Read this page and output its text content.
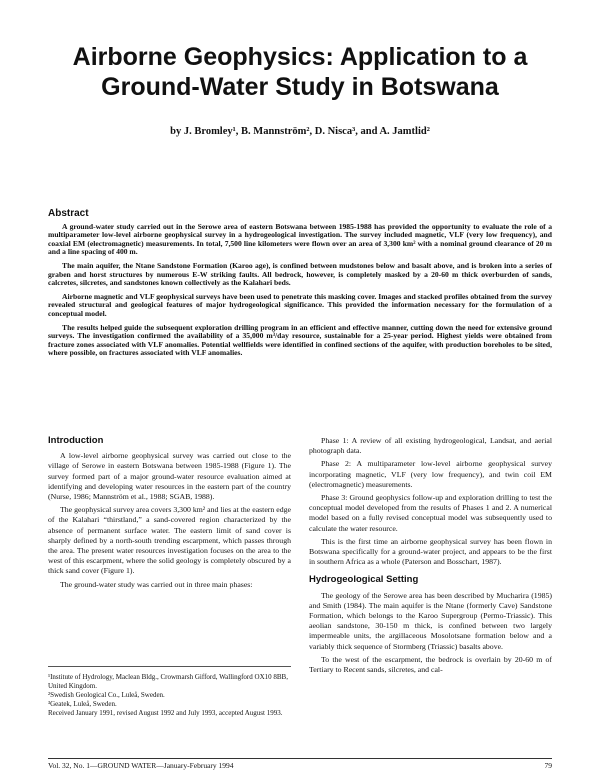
Airborne Geophysics: Application to a
Ground-Water Study in Botswana
by J. Bromley¹, B. Mannström², D. Nisca³, and A. Jamtlid²
Abstract

A ground-water study carried out in the Serowe area of eastern Botswana between 1985-1988 has provided the opportunity to evaluate the role of a multiparameter low-level airborne geophysical survey in a hydrogeological investigation. The survey included magnetic, VLF (very low frequency), and coaxial EM (electromagnetic) measurements. In total, 7,500 line kilometers were flown over an area of 3,300 km² with a nominal ground clearance of 20 m and a line spacing of 400 m.

The main aquifer, the Ntane Sandstone Formation (Karoo age), is confined between mudstones below and basalt above, and is broken into a series of graben and horst structures by numerous E-W striking faults. All bedrock, however, is completely masked by a 20-60 m thick overburden of sands, calcretes, silcretes, and sandstones known collectively as the Kalahari beds.

Airborne magnetic and VLF geophysical surveys have been used to penetrate this masking cover. Images and stacked profiles obtained from the survey revealed structural and geological features of major hydrogeological significance. This provided the information necessary for the formulation of a conceptual model.

The results helped guide the subsequent exploration drilling program in an efficient and effective manner, cutting down the need for extensive ground surveys. The investigation confirmed the availability of a 35,000 m³/day resource, sustainable for a 25-year period. Highest yields were obtained from fracture zones associated with VLF anomalies. Potential wellfields were identified in confined sections of the aquifer, with production boreholes to be sited, where possible, on fractures associated with VLF anomalies.

Introduction

A low-level airborne geophysical survey was carried out close to the village of Serowe in eastern Botswana between 1985-1988 (Figure 1). The survey formed part of a major ground-water resource evaluation aimed at identifying and developing water resources in the eastern part of the country (Nurse, 1986; Mannström et al., 1988; SGAB, 1988).

The geophysical survey area covers 3,300 km² and lies at the eastern edge of the Kalahari “thirstland,” a sand-covered region characterized by the absence of permanent surface water. The eastern limit of sand cover is sharply defined by a north-south trending escarpment, which passes through the area. The present water resources investigation focuses on the area to the west of this escarpment, where the solid geology is completely obscured by a thick sand cover (Figure 1).

The ground-water study was carried out in three main phases:

¹Institute of Hydrology, Maclean Bldg., Crowmarsh Gifford, Wallingford OX10 8BB, United Kingdom.

²Swedish Geological Co., Luleå, Sweden.

³Geatek, Luleå, Sweden.

Received January 1991, revised August 1992 and July 1993, accepted August 1993.

Phase 1: A review of all existing hydrogeological, Landsat, and aerial photograph data.

Phase 2: A multiparameter low-level airborne geophysical survey incorporating magnetic, VLF (very low frequency), and twin coil EM (electromagnetic) measurements.

Phase 3: Ground geophysics follow-up and exploration drilling to test the conceptual model developed from the results of Phases 1 and 2. A numerical model based on a fully revised conceptual model was subsequently used to calculate the water resource.

This is the first time an airborne geophysical survey has been flown in Botswana specifically for a ground-water project, and appears to be the first in southern Africa as a whole (Paterson and Bosschart, 1987).

Hydrogeological Setting

The geology of the Serowe area has been described by Mucharira (1985) and Smith (1984). The main aquifer is the Ntane (formerly Cave) Sandstone Formation, which belongs to the Karoo Supergroup (Permo-Triassic). This aeolian sandstone, 30-150 m thick, is confined between two largely impermeable units, the argillaceous Mosolotsane formation below and a variably thick sequence of Stormberg (Triassic) basalts above.

To the west of the escarpment, the bedrock is overlain by 20-60 m of Tertiary to Recent sands, silcretes, and cal-

Vol. 32, No. 1—GROUND WATER—January-February 1994	79
